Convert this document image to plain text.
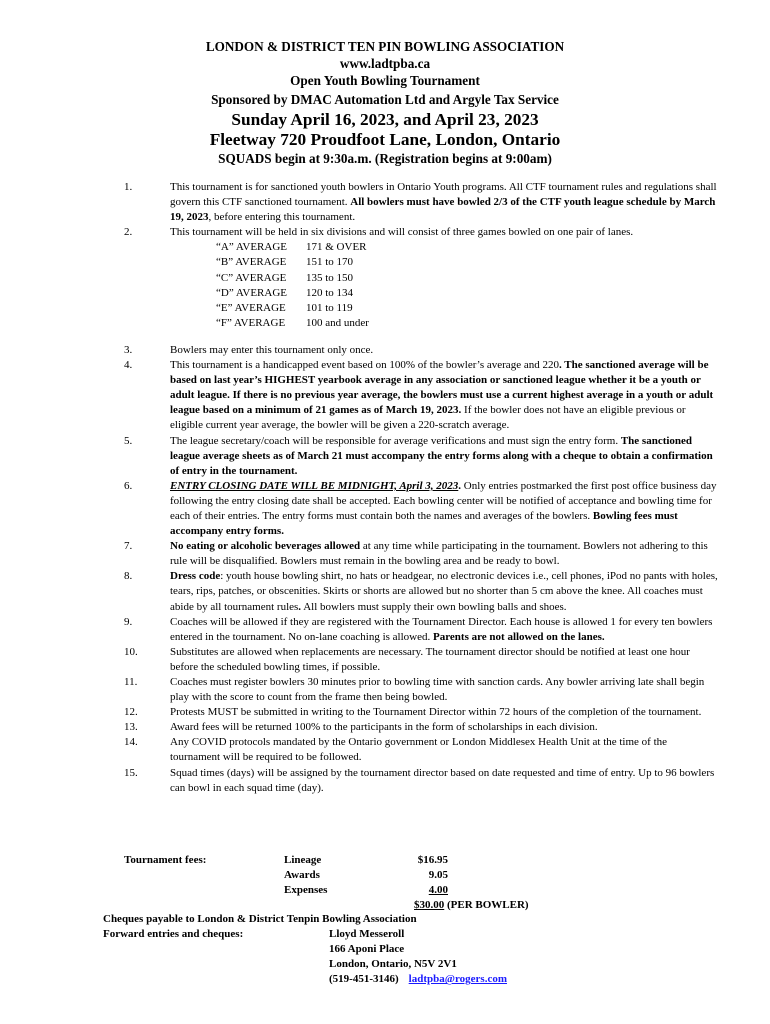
LONDON & DISTRICT TEN PIN BOWLING ASSOCIATION
www.ladtpba.ca
Open Youth Bowling Tournament
Sponsored by DMAC Automation Ltd and Argyle Tax Service
Sunday April 16, 2023, and April 23, 2023
Fleetway 720 Proudfoot Lane, London, Ontario
SQUADS begin at 9:30a.m. (Registration begins at 9:00am)
1.	This tournament is for sanctioned youth bowlers in Ontario Youth programs. All CTF tournament rules and regulations shall govern this CTF sanctioned tournament. All bowlers must have bowled 2/3 of the CTF youth league schedule by March 19, 2023, before entering this tournament.
2.	This tournament will be held in six divisions and will consist of three games bowled on one pair of lanes.
“A” AVERAGE	171 & OVER
“B” AVERAGE	151 to 170
“C” AVERAGE	135 to 150
“D” AVERAGE	120 to 134
“E” AVERAGE	101 to 119
“F” AVERAGE	100 and under
3.	Bowlers may enter this tournament only once.
4.	This tournament is a handicapped event based on 100% of the bowler’s average and 220. The sanctioned average will be based on last year’s HIGHEST yearbook average in any association or sanctioned league whether it be a youth or adult league. If there is no previous year average, the bowlers must use a current highest average in a youth or adult league based on a minimum of 21 games as of March 19, 2023. If the bowler does not have an eligible previous or eligible current year average, the bowler will be given a 220-scratch average.
5.	The league secretary/coach will be responsible for average verifications and must sign the entry form. The sanctioned league average sheets as of March 21 must accompany the entry forms along with a cheque to obtain a confirmation of entry in the tournament.
6.	ENTRY CLOSING DATE WILL BE MIDNIGHT, April 3, 2023. Only entries postmarked the first post office business day following the entry closing date shall be accepted. Each bowling center will be notified of acceptance and bowling time for each of their entries. The entry forms must contain both the names and averages of the bowlers. Bowling fees must accompany entry forms.
7.	No eating or alcoholic beverages allowed at any time while participating in the tournament. Bowlers not adhering to this rule will be disqualified. Bowlers must remain in the bowling area and be ready to bowl.
8.	Dress code: youth house bowling shirt, no hats or headgear, no electronic devices i.e., cell phones, iPod no pants with holes, tears, rips, patches, or obscenities. Skirts or shorts are allowed but no shorter than 5 cm above the knee. All coaches must abide by all tournament rules. All bowlers must supply their own bowling balls and shoes.
9.	Coaches will be allowed if they are registered with the Tournament Director. Each house is allowed 1 for every ten bowlers entered in the tournament. No on-lane coaching is allowed. Parents are not allowed on the lanes.
10.	Substitutes are allowed when replacements are necessary. The tournament director should be notified at least one hour before the scheduled bowling times, if possible.
11.	Coaches must register bowlers 30 minutes prior to bowling time with sanction cards. Any bowler arriving late shall begin play with the score to count from the frame then being bowled.
12.	Protests MUST be submitted in writing to the Tournament Director within 72 hours of the completion of the tournament.
13.	Award fees will be returned 100% to the participants in the form of scholarships in each division.
14.	Any COVID protocols mandated by the Ontario government or London Middlesex Health Unit at the time of the tournament will be required to be followed.
15.	Squad times (days) will be assigned by the tournament director based on date requested and time of entry. Up to 96 bowlers can bowl in each squad time (day).
Tournament fees:	Lineage	$16.95
Awards	9.05
Expenses	4.00
$30.00 (PER BOWLER)
Cheques payable to London & District Tenpin Bowling Association
Forward entries and cheques:	Lloyd Messeroll
166 Aponi Place
London, Ontario, N5V 2V1
(519-451-3146) ladtpba@rogers.com
